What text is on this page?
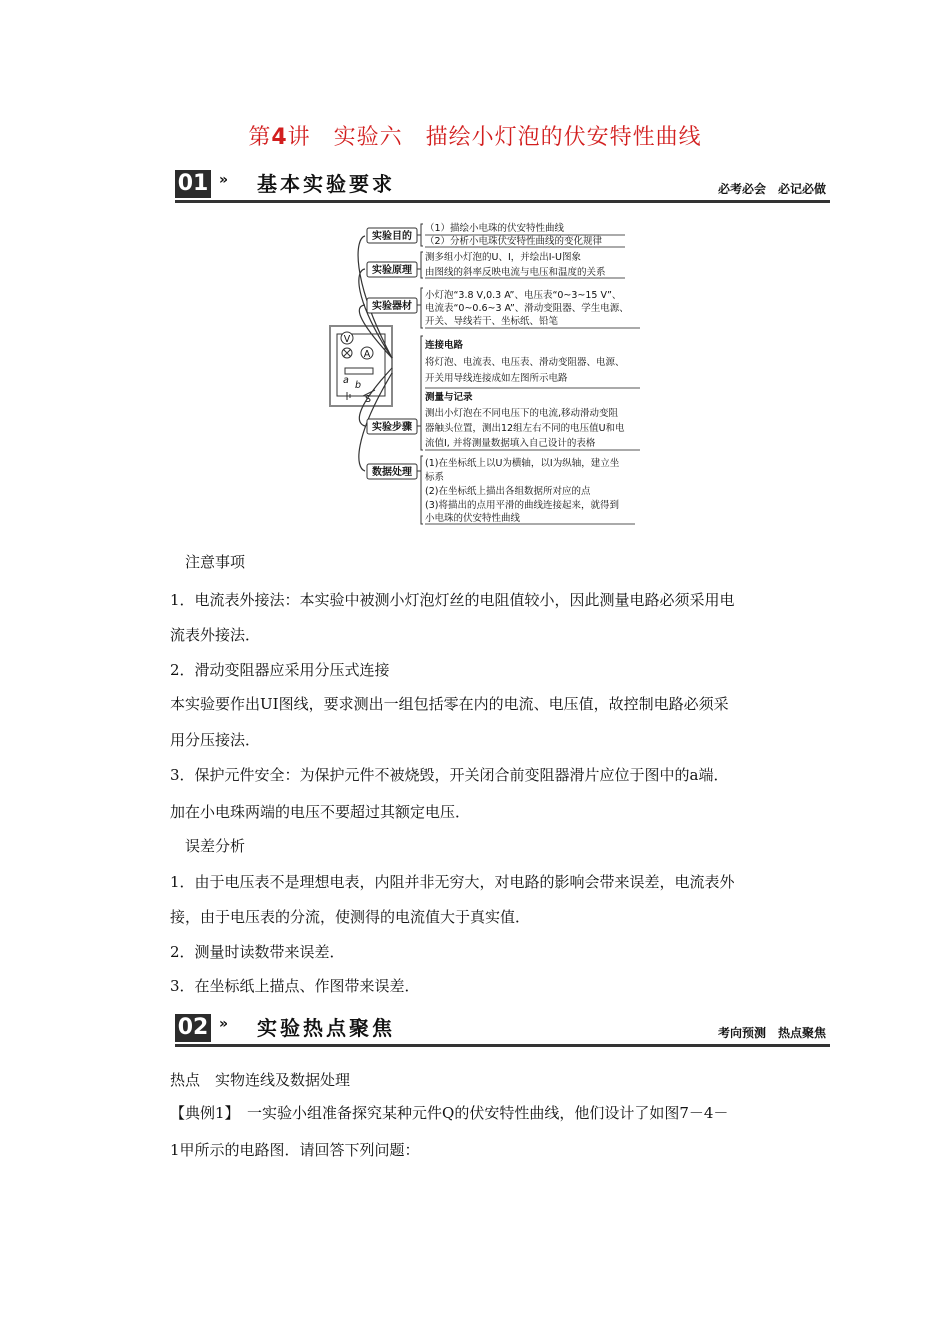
第4讲　实验六　描绘小灯泡的伏安特性曲线
01 » 基本实验要求	必考必会　必记必做
V
A
a b
S
实验目的
实验原理
实验器材
实验步骤
数据处理
（1）描绘小电珠的伏安特性曲线
（2）分析小电珠伏安特性曲线的变化规律
测多组小灯泡的U、I，并绘出I-U图象
由图线的斜率反映电流与电压和温度的关系
小灯泡“3.8 V,0.3 A”、电压表“0~3~15 V”、
电流表“0~0.6~3 A”、滑动变阻器、学生电源、
开关、导线若干、坐标纸、铅笔
连接电路
将灯泡、电流表、电压表、滑动变阻器、电源、
开关用导线连接成如左图所示电路
测量与记录
测出小灯泡在不同电压下的电流,移动滑动变阻
器触头位置，测出12组左右不同的电压值U和电
流值I, 并将测量数据填入自己设计的表格
(1)在坐标纸上以U为横轴，以I为纵轴，建立坐
标系
(2)在坐标纸上描出各组数据所对应的点
(3)将描出的点用平滑的曲线连接起来，就得到
小电珠的伏安特性曲线
注意事项
1．电流表外接法：本实验中被测小灯泡灯丝的电阻值较小，因此测量电路必须采用电
流表外接法．
2．滑动变阻器应采用分压式连接
本实验要作出UI图线，要求测出一组包括零在内的电流、电压值，故控制电路必须采
用分压接法．
3．保护元件安全：为保护元件不被烧毁，开关闭合前变阻器滑片应位于图中的a端．
加在小电珠两端的电压不要超过其额定电压．
误差分析
1．由于电压表不是理想电表，内阻并非无穷大，对电路的影响会带来误差，电流表外
接，由于电压表的分流，使测得的电流值大于真实值．
2．测量时读数带来误差．
3．在坐标纸上描点、作图带来误差．
02 » 实验热点聚焦	考向预测　热点聚焦
热点　实物连线及数据处理
【典例1】　一实验小组准备探究某种元件Q的伏安特性曲线，他们设计了如图7－4－
1甲所示的电路图．请回答下列问题：
